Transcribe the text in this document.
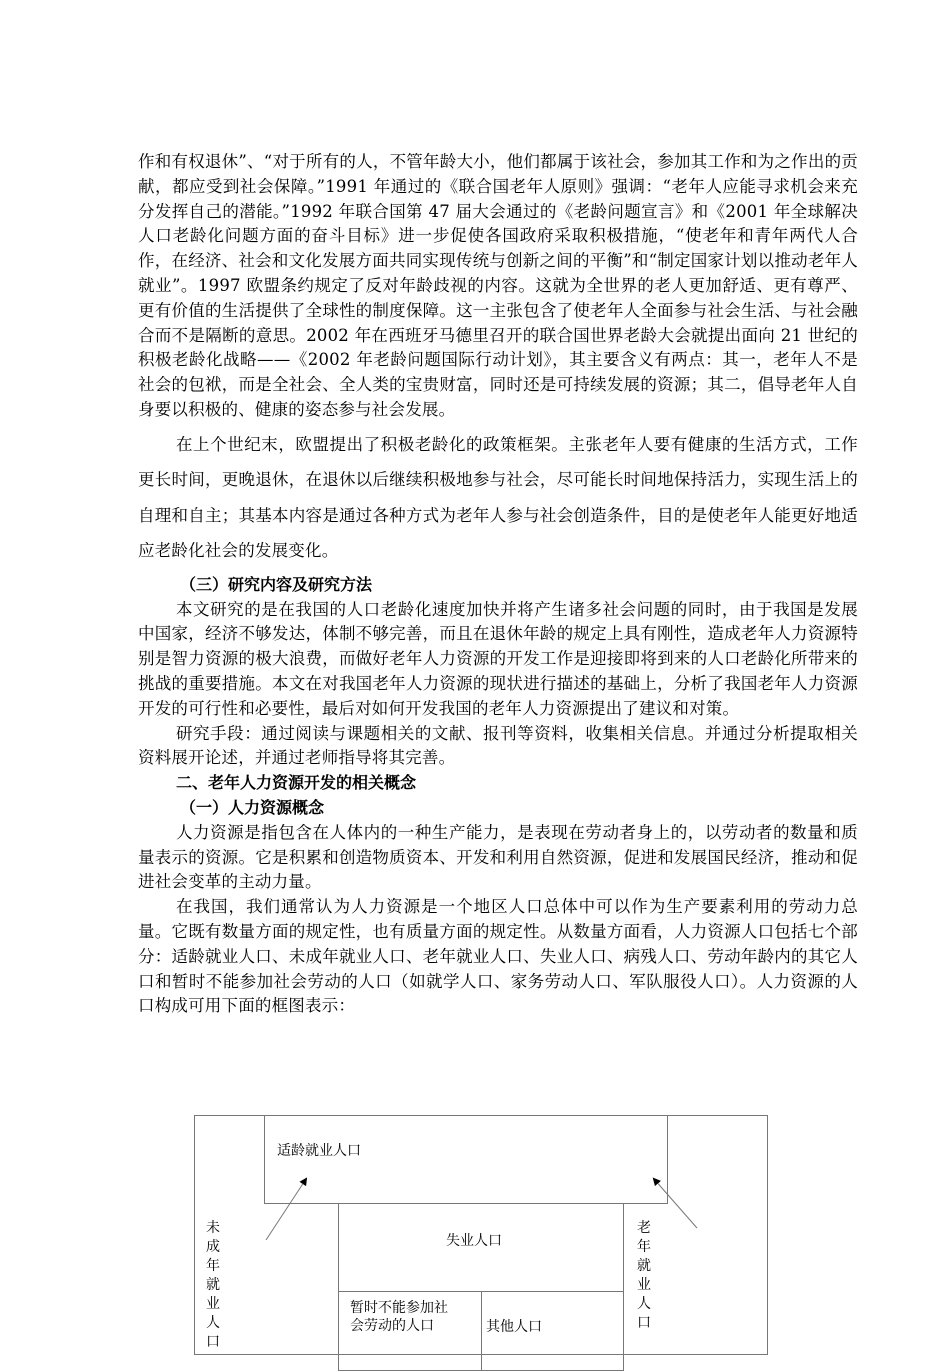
作和有权退休”、“对于所有的人，不管年龄大小，他们都属于该社会，参加其工作和为之作出的贡献，都应受到社会保障。”1991 年通过的《联合国老年人原则》强调：“老年人应能寻求机会来充分发挥自己的潜能。”1992 年联合国第 47 届大会通过的《老龄问题宣言》和《2001 年全球解决人口老龄化问题方面的奋斗目标》进一步促使各国政府采取积极措施，“使老年和青年两代人合作，在经济、社会和文化发展方面共同实现传统与创新之间的平衡”和“制定国家计划以推动老年人就业”。1997 欧盟条约规定了反对年龄歧视的内容。这就为全世界的老人更加舒适、更有尊严、更有价值的生活提供了全球性的制度保障。这一主张包含了使老年人全面参与社会生活、与社会融合而不是隔断的意思。2002 年在西班牙马德里召开的联合国世界老龄大会就提出面向 21 世纪的积极老龄化战略——《2002 年老龄问题国际行动计划》，其主要含义有两点：其一，老年人不是社会的包袱，而是全社会、全人类的宝贵财富，同时还是可持续发展的资源；其二，倡导老年人自身要以积极的、健康的姿态参与社会发展。

在上个世纪末，欧盟提出了积极老龄化的政策框架。主张老年人要有健康的生活方式，工作更长时间，更晚退休，在退休以后继续积极地参与社会，尽可能长时间地保持活力，实现生活上的自理和自主；其基本内容是通过各种方式为老年人参与社会创造条件，目的是使老年人能更好地适应老龄化社会的发展变化。

（三）研究内容及研究方法

本文研究的是在我国的人口老龄化速度加快并将产生诸多社会问题的同时，由于我国是发展中国家，经济不够发达，体制不够完善，而且在退休年龄的规定上具有刚性，造成老年人力资源特别是智力资源的极大浪费，而做好老年人力资源的开发工作是迎接即将到来的人口老龄化所带来的挑战的重要措施。本文在对我国老年人力资源的现状进行描述的基础上，分析了我国老年人力资源开发的可行性和必要性，最后对如何开发我国的老年人力资源提出了建议和对策。

研究手段：通过阅读与课题相关的文献、报刊等资料，收集相关信息。并通过分析提取相关资料展开论述，并通过老师指导将其完善。

二、老年人力资源开发的相关概念

（一）人力资源概念

人力资源是指包含在人体内的一种生产能力，是表现在劳动者身上的，以劳动者的数量和质量表示的资源。它是积累和创造物质资本、开发和利用自然资源，促进和发展国民经济，推动和促进社会变革的主动力量。

在我国，我们通常认为人力资源是一个地区人口总体中可以作为生产要素利用的劳动力总量。它既有数量方面的规定性，也有质量方面的规定性。从数量方面看，人力资源人口包括七个部分：适龄就业人口、未成年就业人口、老年就业人口、失业人口、病残人口、劳动年龄内的其它人口和暂时不能参加社会劳动的人口（如就学人口、家务劳动人口、军队服役人口）。人力资源的人口构成可用下面的框图表示：

适龄就业人口
失业人口
暂时不能参加社会劳动的人口	其他人口
未成年就业人口
老年就业人口
